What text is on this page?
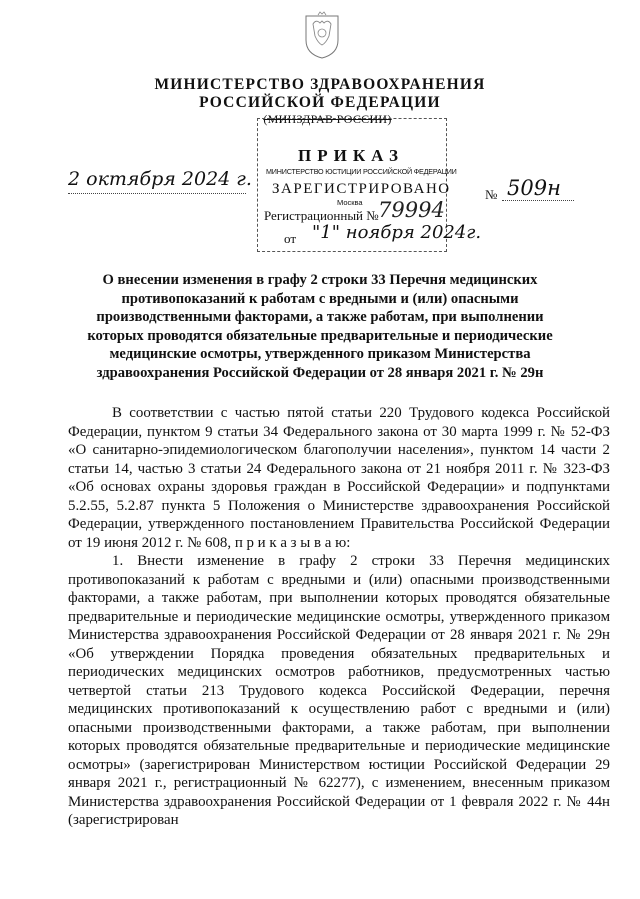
МИНИСТЕРСТВО ЗДРАВООХРАНЕНИЯ
РОССИЙСКОЙ ФЕДЕРАЦИИ
(МИНЗДРАВ РОССИИ)
ПРИКАЗ
МИНИСТЕРСТВО ЮСТИЦИИ РОССИЙСКОЙ ФЕДЕРАЦИИ
ЗАРЕГИСТРИРОВАНО
Москва
Регистрационный № 79994
от "1" ноября 2024г.
2 октября 2024 г.
№ 509н
О внесении изменения в графу 2 строки 33 Перечня медицинских противопоказаний к работам с вредными и (или) опасными производственными факторами, а также работам, при выполнении которых проводятся обязательные предварительные и периодические медицинские осмотры, утвержденного приказом Министерства здравоохранения Российской Федерации от 28 января 2021 г. № 29н

В соответствии с частью пятой статьи 220 Трудового кодекса Российской Федерации, пунктом 9 статьи 34 Федерального закона от 30 марта 1999 г. № 52-ФЗ «О санитарно-эпидемиологическом благополучии населения», пунктом 14 части 2 статьи 14, частью 3 статьи 24 Федерального закона от 21 ноября 2011 г. № 323-ФЗ «Об основах охраны здоровья граждан в Российской Федерации» и подпунктами 5.2.55, 5.2.87 пункта 5 Положения о Министерстве здравоохранения Российской Федерации, утвержденного постановлением Правительства Российской Федерации от 19 июня 2012 г. № 608, п р и к а з ы в а ю:

1. Внести изменение в графу 2 строки 33 Перечня медицинских противопоказаний к работам с вредными и (или) опасными производственными факторами, а также работам, при выполнении которых проводятся обязательные предварительные и периодические медицинские осмотры, утвержденного приказом Министерства здравоохранения Российской Федерации от 28 января 2021 г. № 29н «Об утверждении Порядка проведения обязательных предварительных и периодических медицинских осмотров работников, предусмотренных частью четвертой статьи 213 Трудового кодекса Российской Федерации, перечня медицинских противопоказаний к осуществлению работ с вредными и (или) опасными производственными факторами, а также работам, при выполнении которых проводятся обязательные предварительные и периодические медицинские осмотры» (зарегистрирован Министерством юстиции Российской Федерации 29 января 2021 г., регистрационный № 62277), с изменением, внесенным приказом Министерства здравоохранения Российской Федерации от 1 февраля 2022 г. № 44н (зарегистрирован
